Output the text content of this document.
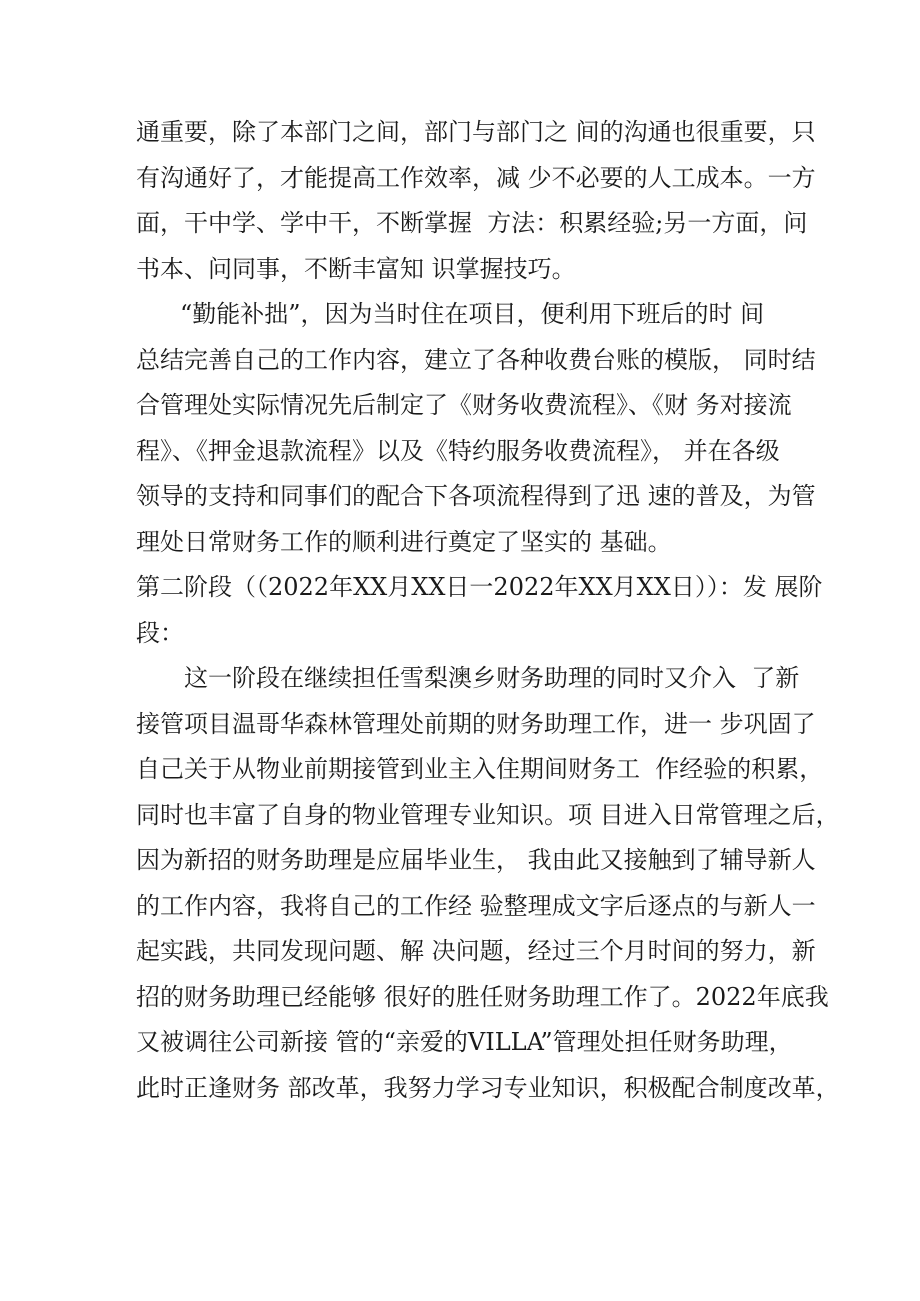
通重要，除了本部门之间，部门与部门之 间的沟通也很重要，只
有沟通好了，才能提高工作效率，减 少不必要的人工成本。一方
面，干中学、学中干，不断掌握  方法：积累经验;另一方面，问
书本、问同事，不断丰富知 识掌握技巧。
“勤能补拙”，因为当时住在项目，便利用下班后的时 间
总结完善自己的工作内容，建立了各种收费台账的模版， 同时结
合管理处实际情况先后制定了《财务收费流程》、《财 务对接流
程》、《押金退款流程》以及《特约服务收费流程》， 并在各级
领导的支持和同事们的配合下各项流程得到了迅 速的普及，为管
理处日常财务工作的顺利进行奠定了坚实的 基础。
第二阶段（（2022年XX月XX日一2022年XX月XX日））：发 展阶
段：
这一阶段在继续担任雪梨澳乡财务助理的同时又介入  了新
接管项目温哥华森林管理处前期的财务助理工作，进一 步巩固了
自己关于从物业前期接管到业主入住期间财务工  作经验的积累，
同时也丰富了自身的物业管理专业知识。项 目进入日常管理之后，
因为新招的财务助理是应届毕业生， 我由此又接触到了辅导新人
的工作内容，我将自己的工作经 验整理成文字后逐点的与新人一
起实践，共同发现问题、解 决问题，经过三个月时间的努力，新
招的财务助理已经能够 很好的胜任财务助理工作了。2022年底我
又被调往公司新接 管的“亲爱的VILLA”管理处担任财务助理，
此时正逢财务 部改革，我努力学习专业知识，积极配合制度改革，
